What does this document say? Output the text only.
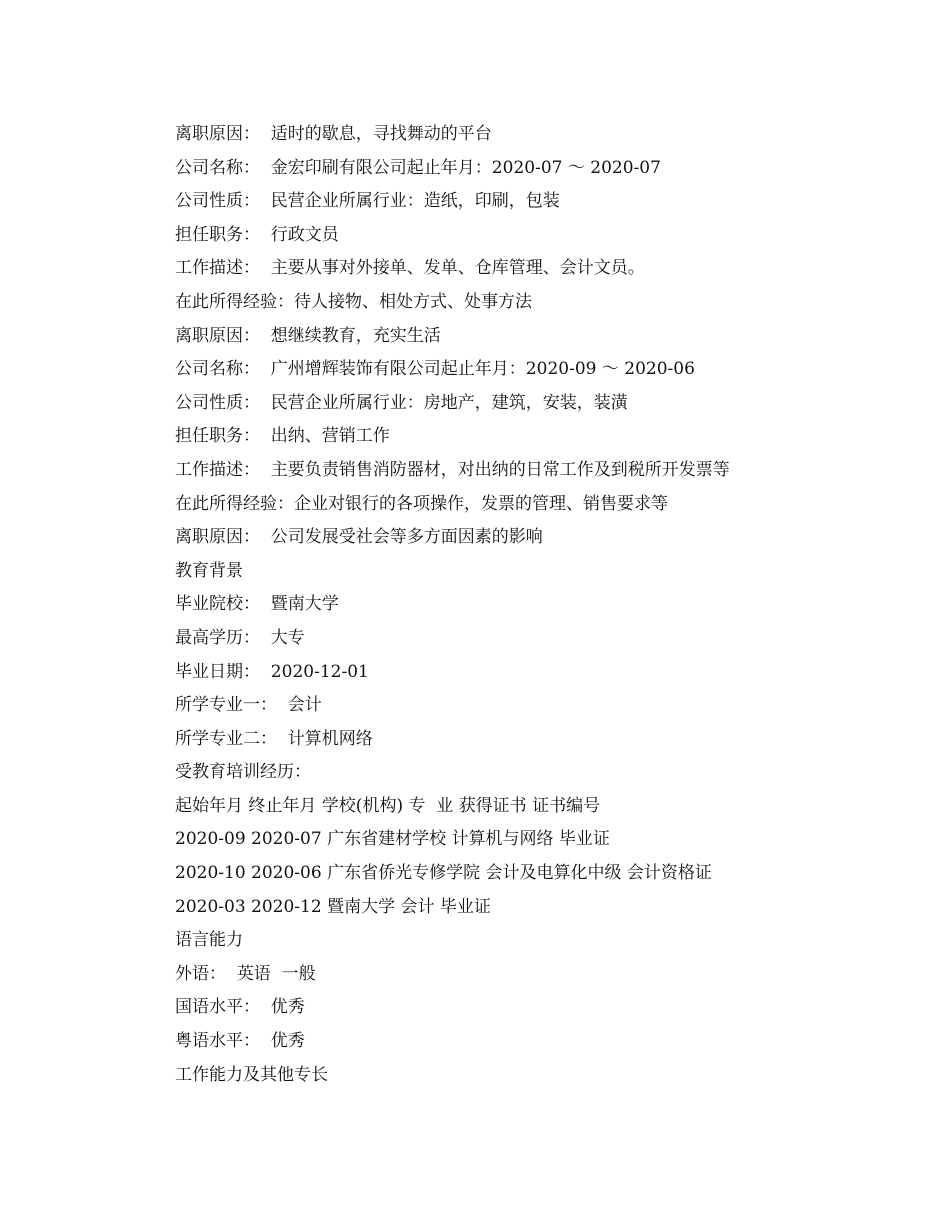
离职原因：  适时的歇息，寻找舞动的平台
公司名称：  金宏印刷有限公司起止年月：2020-07 ～ 2020-07
公司性质：  民营企业所属行业：造纸，印刷，包装
担任职务：  行政文员
工作描述：  主要从事对外接单、发单、仓库管理、会计文员。
在此所得经验：待人接物、相处方式、处事方法
离职原因：  想继续教育，充实生活
公司名称：  广州增辉装饰有限公司起止年月：2020-09 ～ 2020-06
公司性质：  民营企业所属行业：房地产，建筑，安装，装潢
担任职务：  出纳、营销工作
工作描述：  主要负责销售消防器材，对出纳的日常工作及到税所开发票等
在此所得经验：企业对银行的各项操作，发票的管理、销售要求等
离职原因：  公司发展受社会等多方面因素的影响
教育背景
毕业院校：  暨南大学
最高学历：  大专
毕业日期：  2020-12-01
所学专业一：  会计
所学专业二：  计算机网络
受教育培训经历：
起始年月 终止年月 学校(机构) 专  业 获得证书 证书编号
2020-09 2020-07 广东省建材学校 计算机与网络 毕业证
2020-10 2020-06 广东省侨光专修学院 会计及电算化中级 会计资格证
2020-03 2020-12 暨南大学 会计 毕业证
语言能力
外语：  英语  一般
国语水平：  优秀
粤语水平：  优秀
工作能力及其他专长
